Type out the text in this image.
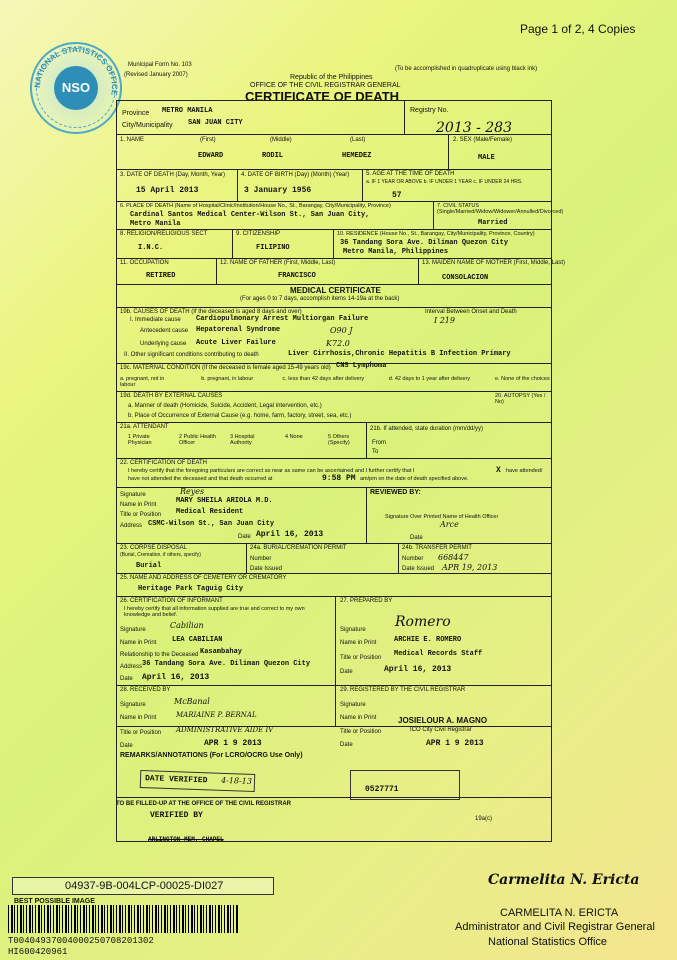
Page 1 of 2, 4 Copies
NSO
NATIONAL STATISTICS OFFICE
Municipal Form No. 103
(Revised January 2007)
(To be accomplished in quadruplicate using black ink)
Republic of the Philippines
OFFICE OF THE CIVIL REGISTRAR GENERAL
CERTIFICATE OF DEATH
Province METRO MANILA
City/Municipality SAN JUAN CITY
Registry No.
2013 - 283
1. NAME	(First)	(Middle)	(Last)
EDWARD	RODIL	HEMEDEZ
2. SEX (Male/Female)
MALE
3. DATE OF DEATH (Day, Month, Year)
15 April 2013
4. DATE OF BIRTH (Day) (Month) (Year)
3 January 1956
5. AGE AT THE TIME OF DEATH
a. IF 1 YEAR OR ABOVE b. IF UNDER 1 YEAR c. IF UNDER 24 HRS.
57
6. PLACE OF DEATH (Name of Hospital/Clinic/Institution/House No., St., Barangay, City/Municipality, Province)
Cardinal Santos Medical Center-Wilson St., San Juan City,
Metro Manila
7. CIVIL STATUS (Single/Married/Widow/Widower/Annulled/Divorced)
Married
8. RELIGION/RELIGIOUS SECT
I.N.C.
9. CITIZENSHIP
FILIPINO
10. RESIDENCE (House No., St., Barangay, City/Municipality, Province, Country)
36 Tandang Sora Ave. Diliman Quezon City
Metro Manila, Philippines
11. OCCUPATION
RETIRED
12. NAME OF FATHER (First, Middle, Last)
FRANCISCO
13. MAIDEN NAME OF MOTHER (First, Middle, Last)
CONSOLACION
MEDICAL CERTIFICATE
(For ages 0 to 7 days, accomplish items 14-19a at the back)
19b. CAUSES OF DEATH (If the deceased is aged 8 days and over)	Interval Between Onset and Death
I. Immediate cause Cardiopulmonary Arrest Multiorgan Failure	I 219
Antecedent cause Hepatorenal Syndrome	O90 J
Underlying cause Acute Liver Failure	K72.0
II. Other significant conditions contributing to death	Liver Cirrhosis,Chronic Hepatitis B Infection Primary
CNS Lymphoma
19c. MATERNAL CONDITION (If the deceased is female aged 15-49 years old)
a. pregnant, not in labour
b. pregnant, in labour	c. less than 42 days after delivery	d. 42 days to 1 year after delivery	e. None of the choices
19d. DEATH BY EXTERNAL CAUSES	20. AUTOPSY (Yes / No)
a. Manner of death (Homicide, Suicide, Accident, Legal intervention, etc.)
b. Place of Occurrence of External Cause (e.g. home, farm, factory, street, sea, etc.)
21a. ATTENDANT	21b. If attended, state duration (mm/dd/yy)
1 Private Physician
2 Public Health Officer
3 Hospital Authority
4 None	5 Others (Specify)	From
To
22. CERTIFICATION OF DEATH
I hereby certify that the foregoing particulars are correct as near as same can be ascertained and I further certify that I	X have attended/
have not attended the deceased and that death occurred at	9:58 PM am/pm on the date of death specified above.
Signature	Reyes
Name in Print	MARY SHEILA ARIOLA M.D.
Title or Position Medical Resident
Address CSMC-Wilson St., San Juan City
Date April 16, 2013
REVIEWED BY:
Signature Over Printed Name of Health Officer
Arce
Date
23. CORPSE DISPOSAL
(Burial, Cremation, if others, specify)
Burial
24a. BURIAL/CREMATION PERMIT
Number
Date Issued
24b. TRANSFER PERMIT
Number 668447
Date Issued APR 19, 2013
25. NAME AND ADDRESS OF CEMETERY OR CREMATORY
Heritage Park Taguig City
26. CERTIFICATION OF INFORMANT
I hereby certify that all information supplied are true and correct to my own knowledge and belief.
Signature	Cabilian
Name in Print LEA CABILIAN
Relationship to the Deceased Kasambahay
Address 36 Tandang Sora Ave. Diliman Quezon City
Date April 16, 2013
27. PREPARED BY
Signature Romero
Name in Print	ARCHIE E. ROMERO
Title or Position Medical Records Staff
Date	April 16, 2013
28. RECEIVED BY
Signature	McBanal
Name in Print	MARIAINE P. BERNAL
Title or Position ADMINISTRATIVE AIDE IV
Date	APR 1 9 2013
29. REGISTERED BY THE CIVIL REGISTRAR
Signature
Name in Print	JOSIELOUR A. MAGNO
Title or Position	ICO City Civil Registrar
Date	APR 1 9 2013
REMARKS/ANNOTATIONS (For LCRO/OCRG Use Only)
DATE VERIFIED 4-18-13
0527771
TO BE FILLED-UP AT THE OFFICE OF THE CIVIL REGISTRAR
VERIFIED BY
ARLINGTON MEM. CHAPEL
19a(c)
04937-9B-004LCP-00025-DI027
BEST POSSIBLE IMAGE
T00404937004000250708201302
HI600420961
Carmelita N. Ericta
CARMELITA N. ERICTA
Administrator and Civil Registrar General
National Statistics Office
